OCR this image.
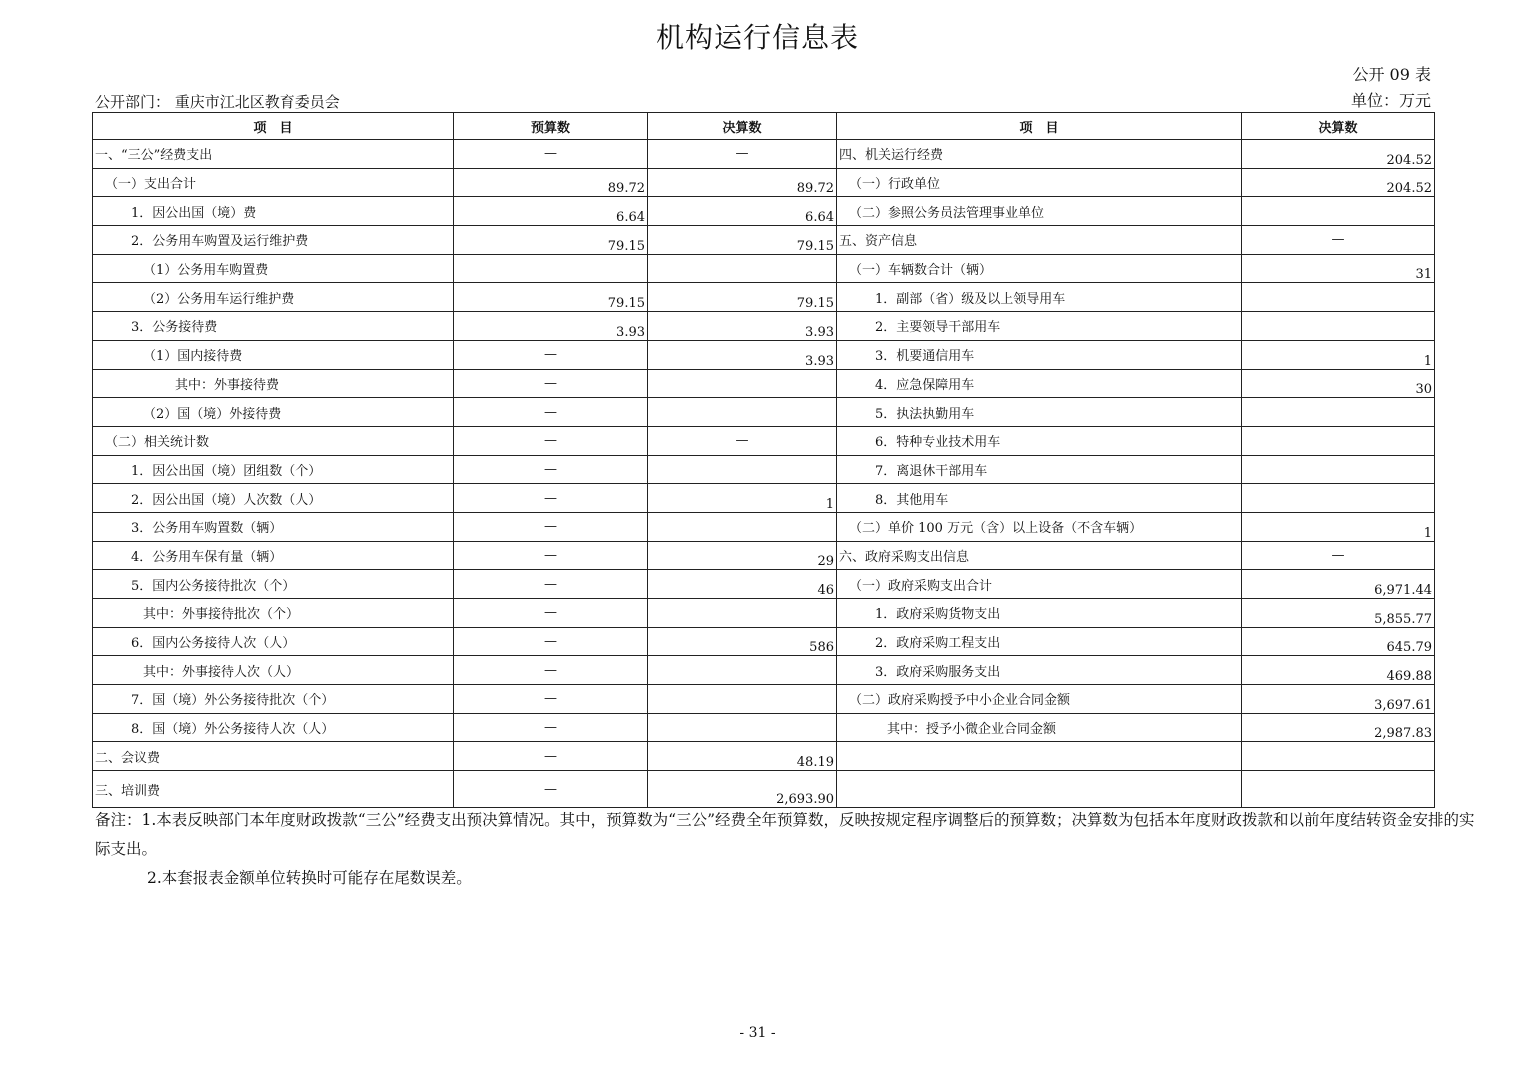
机构运行信息表
公开 09 表
公开部门： 重庆市江北区教育委员会	单位：万元
项　目	预算数	决算数	项　目	决算数
一、“三公”经费支出	—	—	四、机关运行经费	204.52
（一）支出合计	89.72	89.72	（一）行政单位	204.52
1．因公出国（境）费	6.64	6.64	（二）参照公务员法管理事业单位	
2．公务用车购置及运行维护费	79.15	79.15	五、资产信息	—
（1）公务用车购置费			（一）车辆数合计（辆）	31
（2）公务用车运行维护费	79.15	79.15	1．副部（省）级及以上领导用车	
3．公务接待费	3.93	3.93	2．主要领导干部用车	
（1）国内接待费	—	3.93	3．机要通信用车	1
其中：外事接待费	—		4．应急保障用车	30
（2）国（境）外接待费	—		5．执法执勤用车	
（二）相关统计数	—	—	6．特种专业技术用车	
1．因公出国（境）团组数（个）	—		7．离退休干部用车	
2．因公出国（境）人次数（人）	—	1	8．其他用车	
3．公务用车购置数（辆）	—		（二）单价 100 万元（含）以上设备（不含车辆）	1
4．公务用车保有量（辆）	—	29	六、政府采购支出信息	—
5．国内公务接待批次（个）	—	46	（一）政府采购支出合计	6,971.44
其中：外事接待批次（个）	—		1．政府采购货物支出	5,855.77
6．国内公务接待人次（人）	—	586	2．政府采购工程支出	645.79
其中：外事接待人次（人）	—		3．政府采购服务支出	469.88
7．国（境）外公务接待批次（个）	—		（二）政府采购授予中小企业合同金额	3,697.61
8．国（境）外公务接待人次（人）	—		其中：授予小微企业合同金额	2,987.83
二、会议费	—	48.19		
三、培训费	—	2,693.90		
备注：1.本表反映部门本年度财政拨款“三公”经费支出预决算情况。其中，预算数为“三公”经费全年预算数，反映按规定程序调整后的预算数；决算数为包括本年度财政拨款和以前年度结转资金安排的实际支出。
2.本套报表金额单位转换时可能存在尾数误差。
- 31 -
